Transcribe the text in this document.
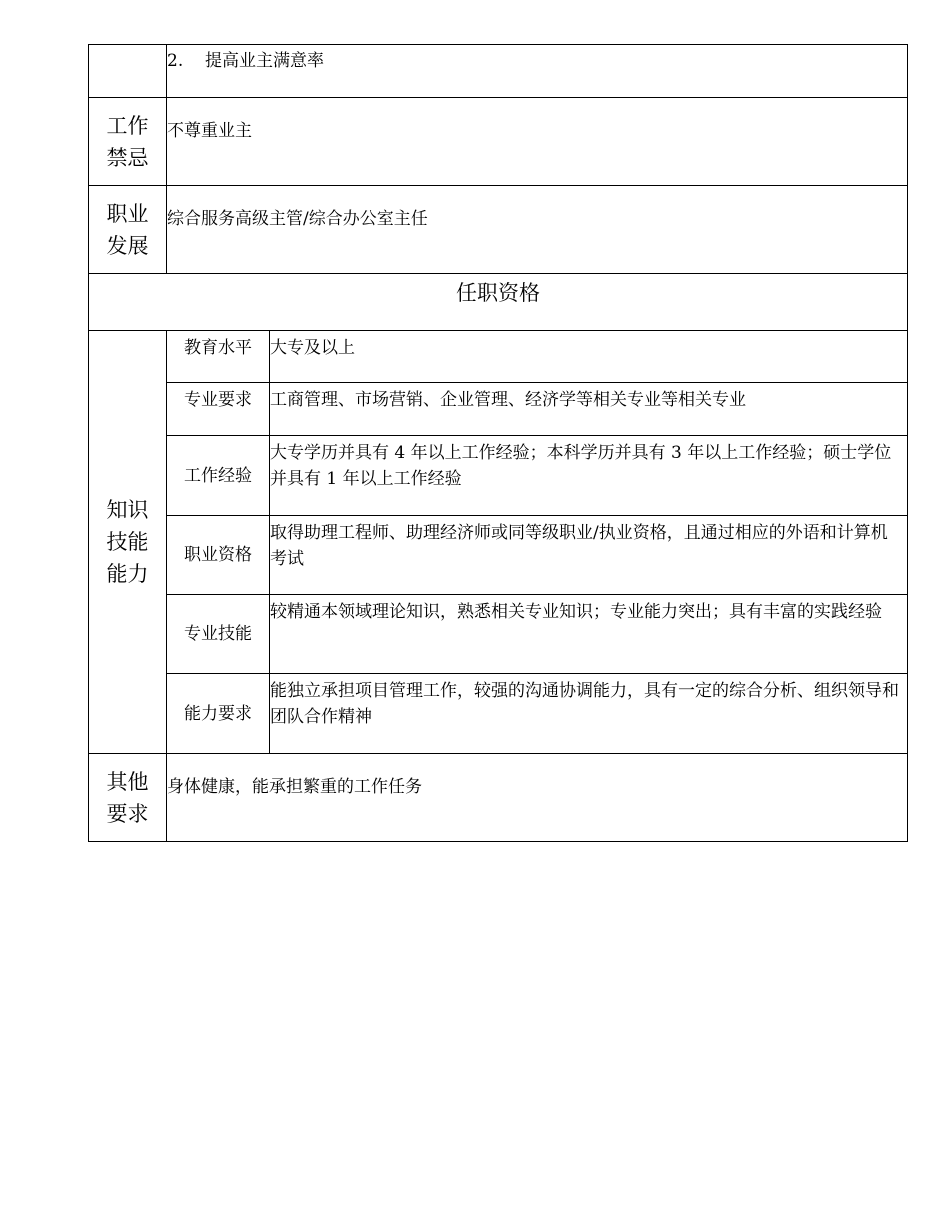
	2. 提高业主满意率	

工作禁忌	不尊重业主	

职业发展	综合服务高级主管/综合办公室主任	
任职资格		

知识技能能力	教育水平	大专及以上

	专业要求	工商管理、市场营销、企业管理、经济学等相关专业等相关专业
	工作经验	大专学历并具有 4 年以上工作经验；本科学历并具有 3 年以上工作经验；硕士学位并具有 1 年以上工作经验
	职业资格	取得助理工程师、助理经济师或同等级职业/执业资格，且通过相应的外语和计算机考试
	专业技能	较精通本领域理论知识，熟悉相关专业知识；专业能力突出；具有丰富的实践经验
	能力要求	能独立承担项目管理工作，较强的沟通协调能力，具有一定的综合分析、组织领导和团队合作精神

其他要求	身体健康，能承担繁重的工作任务	
